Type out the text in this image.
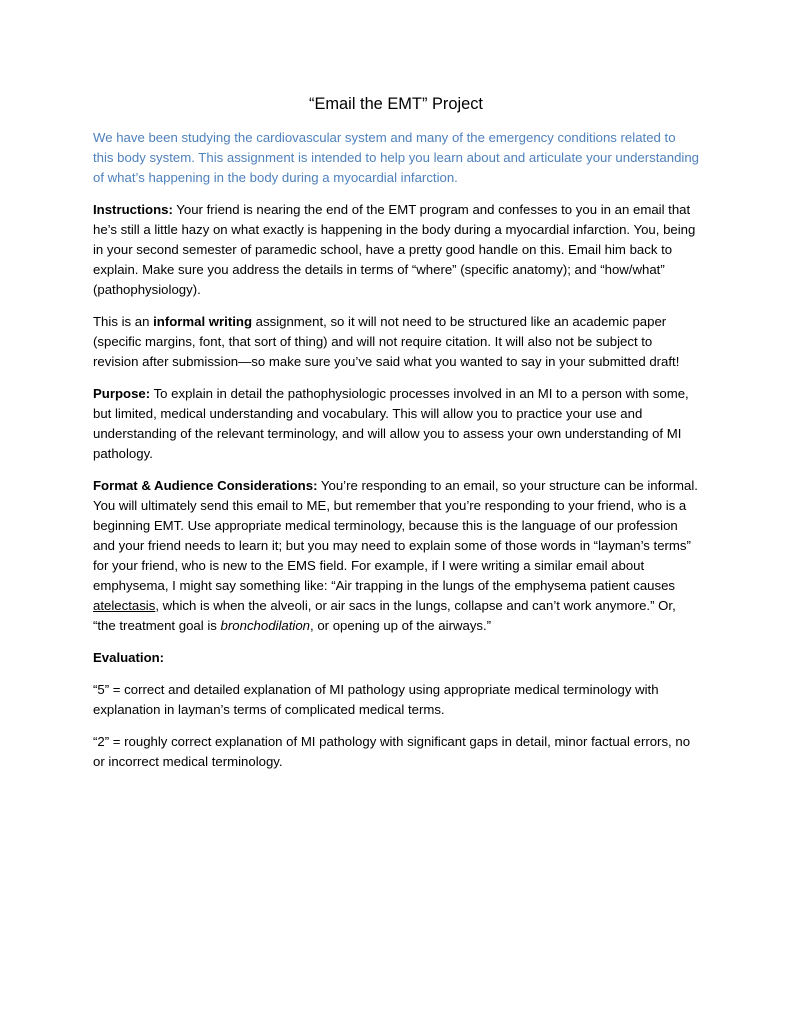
“Email the EMT” Project

We have been studying the cardiovascular system and many of the emergency conditions related to this body system. This assignment is intended to help you learn about and articulate your understanding of what’s happening in the body during a myocardial infarction.

Instructions: Your friend is nearing the end of the EMT program and confesses to you in an email that he’s still a little hazy on what exactly is happening in the body during a myocardial infarction. You, being in your second semester of paramedic school, have a pretty good handle on this. Email him back to explain. Make sure you address the details in terms of “where” (specific anatomy); and “how/what” (pathophysiology).

This is an informal writing assignment, so it will not need to be structured like an academic paper (specific margins, font, that sort of thing) and will not require citation. It will also not be subject to revision after submission—so make sure you’ve said what you wanted to say in your submitted draft!

Purpose: To explain in detail the pathophysiologic processes involved in an MI to a person with some, but limited, medical understanding and vocabulary. This will allow you to practice your use and understanding of the relevant terminology, and will allow you to assess your own understanding of MI pathology.

Format & Audience Considerations: You’re responding to an email, so your structure can be informal. You will ultimately send this email to ME, but remember that you’re responding to your friend, who is a beginning EMT. Use appropriate medical terminology, because this is the language of our profession and your friend needs to learn it; but you may need to explain some of those words in “layman’s terms” for your friend, who is new to the EMS field. For example, if I were writing a similar email about emphysema, I might say something like: “Air trapping in the lungs of the emphysema patient causes atelectasis, which is when the alveoli, or air sacs in the lungs, collapse and can’t work anymore.” Or, “the treatment goal is bronchodilation, or opening up of the airways.”

Evaluation:

“5” = correct and detailed explanation of MI pathology using appropriate medical terminology with explanation in layman’s terms of complicated medical terms.

“2” = roughly correct explanation of MI pathology with significant gaps in detail, minor factual errors, no or incorrect medical terminology.
